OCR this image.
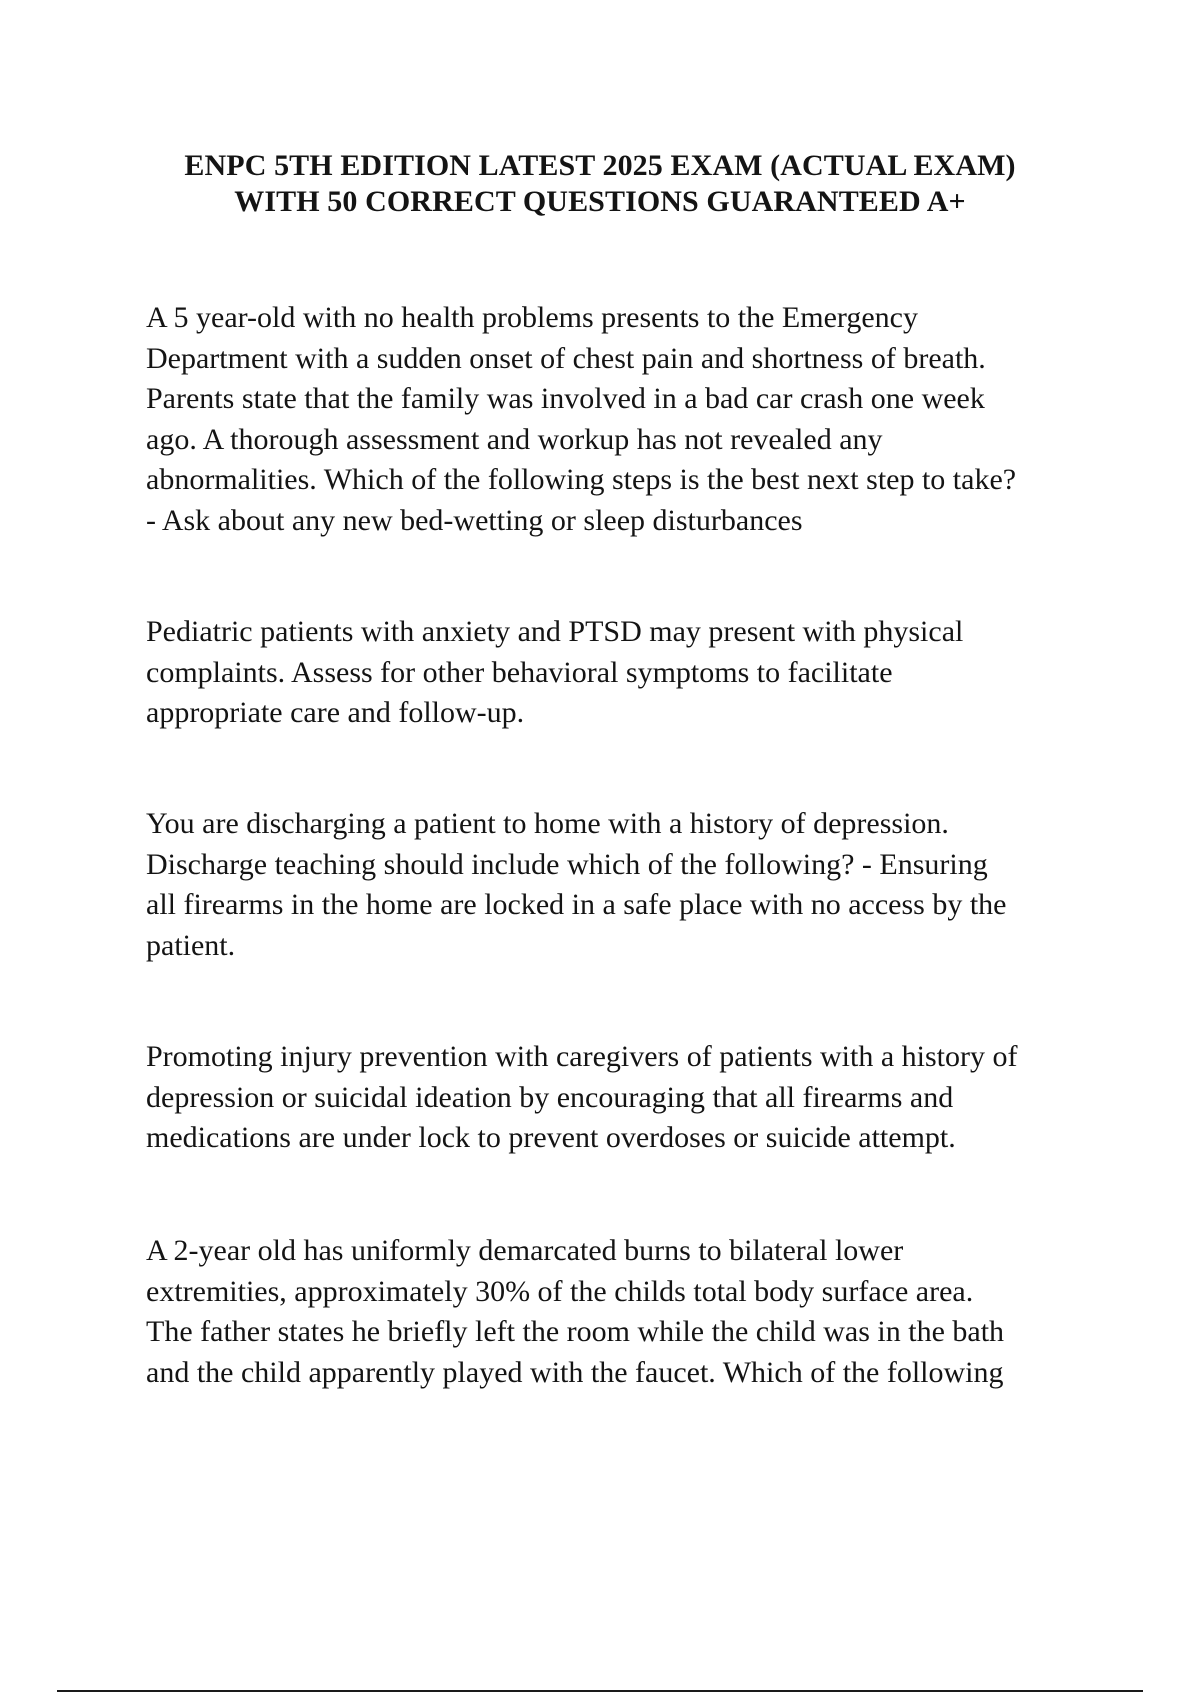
ENPC 5TH EDITION LATEST 2025 EXAM (ACTUAL EXAM)
WITH 50 CORRECT QUESTIONS GUARANTEED A+
A 5 year-old with no health problems presents to the Emergency
Department with a sudden onset of chest pain and shortness of breath.
Parents state that the family was involved in a bad car crash one week
ago. A thorough assessment and workup has not revealed any
abnormalities. Which of the following steps is the best next step to take?
- Ask about any new bed-wetting or sleep disturbances
Pediatric patients with anxiety and PTSD may present with physical
complaints. Assess for other behavioral symptoms to facilitate
appropriate care and follow-up.
You are discharging a patient to home with a history of depression.
Discharge teaching should include which of the following? - Ensuring
all firearms in the home are locked in a safe place with no access by the
patient.
Promoting injury prevention with caregivers of patients with a history of
depression or suicidal ideation by encouraging that all firearms and
medications are under lock to prevent overdoses or suicide attempt.
A 2-year old has uniformly demarcated burns to bilateral lower
extremities, approximately 30% of the childs total body surface area.
The father states he briefly left the room while the child was in the bath
and the child apparently played with the faucet. Which of the following
